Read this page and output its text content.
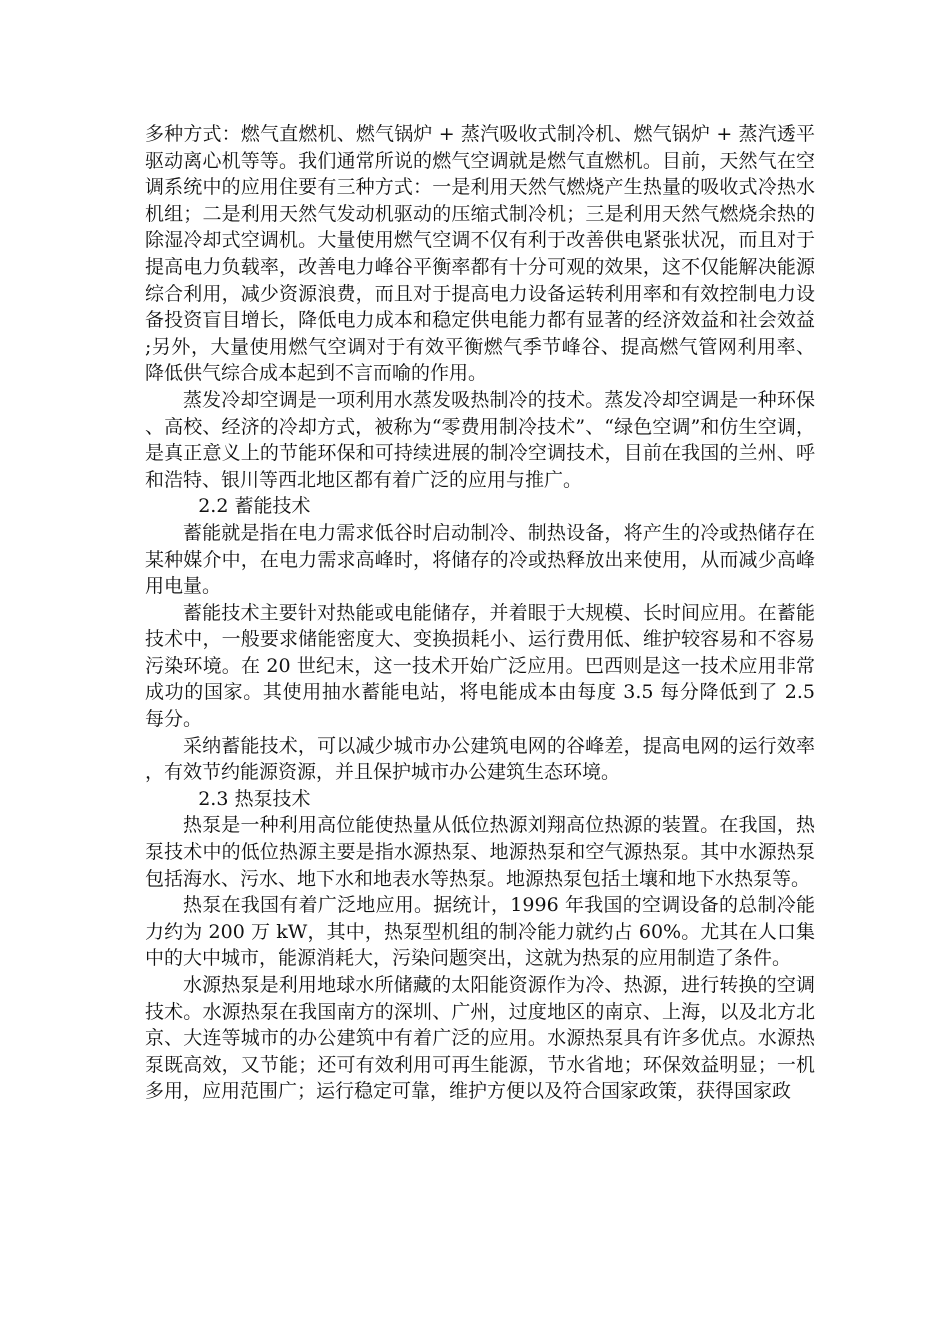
多种方式：燃气直燃机、燃气锅炉 + 蒸汽吸收式制冷机、燃气锅炉 + 蒸汽透平驱动离心机等等。我们通常所说的燃气空调就是燃气直燃机。目前，天然气在空调系统中的应用住要有三种方式：一是利用天然气燃烧产生热量的吸收式冷热水机组；二是利用天然气发动机驱动的压缩式制冷机；三是利用天然气燃烧余热的除湿冷却式空调机。大量使用燃气空调不仅有利于改善供电紧张状况，而且对于提高电力负载率，改善电力峰谷平衡率都有十分可观的效果，这不仅能解决能源综合利用，减少资源浪费，而且对于提高电力设备运转利用率和有效控制电力设备投资盲目增长，降低电力成本和稳定供电能力都有显著的经济效益和社会效益;另外，大量使用燃气空调对于有效平衡燃气季节峰谷、提高燃气管网利用率、降低供气综合成本起到不言而喻的作用。

蒸发冷却空调是一项利用水蒸发吸热制冷的技术。蒸发冷却空调是一种环保、高校、经济的冷却方式，被称为“零费用制冷技术”、“绿色空调”和仿生空调，是真正意义上的节能环保和可持续进展的制冷空调技术，目前在我国的兰州、呼和浩特、银川等西北地区都有着广泛的应用与推广。

2.2 蓄能技术

蓄能就是指在电力需求低谷时启动制冷、制热设备，将产生的冷或热储存在某种媒介中，在电力需求高峰时，将储存的冷或热释放出来使用，从而减少高峰用电量。

蓄能技术主要针对热能或电能储存，并着眼于大规模、长时间应用。在蓄能技术中，一般要求储能密度大、变换损耗小、运行费用低、维护较容易和不容易污染环境。在 20 世纪末，这一技术开始广泛应用。巴西则是这一技术应用非常成功的国家。其使用抽水蓄能电站，将电能成本由每度 3.5 每分降低到了 2.5 每分。

采纳蓄能技术，可以减少城市办公建筑电网的谷峰差，提高电网的运行效率，有效节约能源资源，并且保护城市办公建筑生态环境。

2.3 热泵技术

热泵是一种利用高位能使热量从低位热源刘翔高位热源的装置。在我国，热泵技术中的低位热源主要是指水源热泵、地源热泵和空气源热泵。其中水源热泵包括海水、污水、地下水和地表水等热泵。地源热泵包括土壤和地下水热泵等。

热泵在我国有着广泛地应用。据统计，1996 年我国的空调设备的总制冷能力约为 200 万 kW，其中，热泵型机组的制冷能力就约占 60%。尤其在人口集中的大中城市，能源消耗大，污染问题突出，这就为热泵的应用制造了条件。

水源热泵是利用地球水所储藏的太阳能资源作为冷、热源，进行转换的空调技术。水源热泵在我国南方的深圳、广州，过度地区的南京、上海，以及北方北京、大连等城市的办公建筑中有着广泛的应用。水源热泵具有许多优点。水源热泵既高效，又节能；还可有效利用可再生能源，节水省地；环保效益明显；一机多用，应用范围广；运行稳定可靠，维护方便以及符合国家政策，获得国家政
